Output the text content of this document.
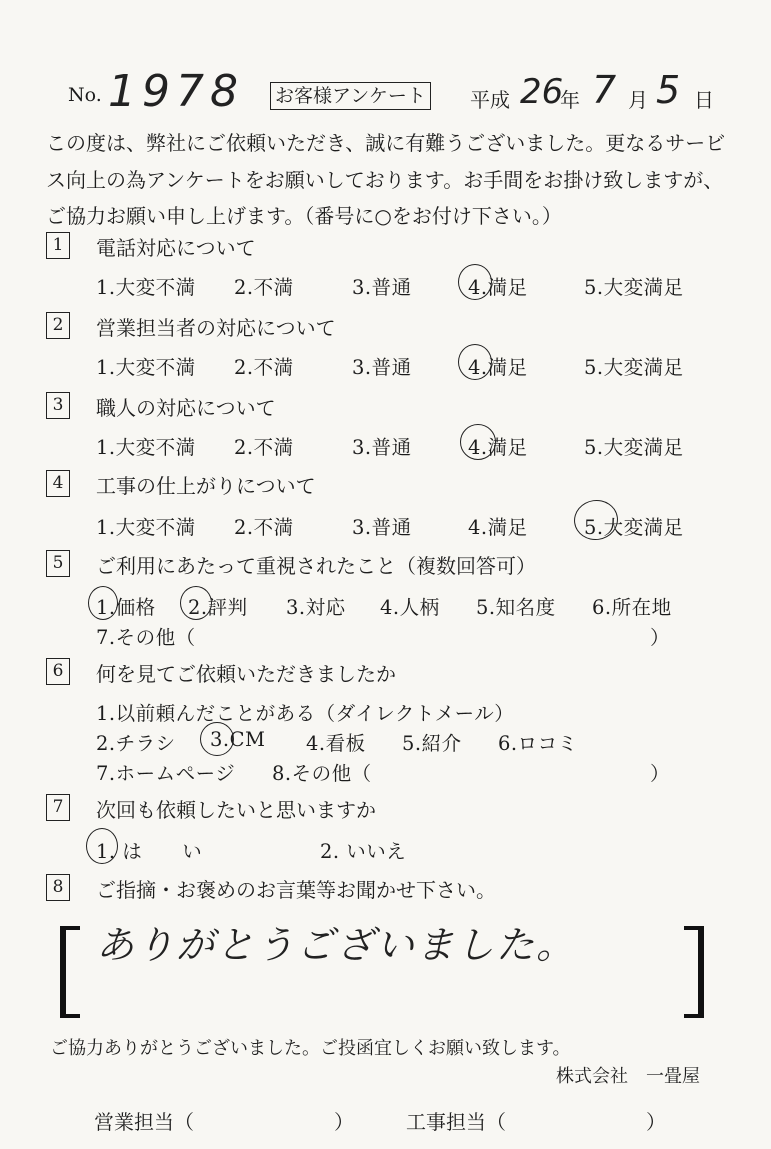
No. 1978 お客様アンケート 平成 26
年 7 月 5 日
この度は、弊社にご依頼いただき、誠に有難うございました。更なるサービ
ス向上の為アンケートをお願いしております。お手間をお掛け致しますが、
ご協力お願い申し上げます。（番号に○をお付け下さい。）
1	電話対応について
1.大変不満 2.不満	3.普通	4.満足	5.大変満足
2	営業担当者の対応について
1.大変不満 2.不満	3.普通	4.満足	5.大変満足
3	職人の対応について
1.大変不満 2.不満	3.普通	4.満足	5.大変満足
4	工事の仕上がりについて
1.大変不満 2.不満	3.普通	4.満足	5.大変満足
5	ご利用にあたって重視されたこと（複数回答可）
1.価格 2.評判 3.対応 4.人柄 5.知名度 6.所在地
7.その他（	）
6	何を見てご依頼いただきましたか
1.以前頼んだことがある（ダイレクトメール）
2.チラシ 3.CM 4.看板 5.紹介 6.ロコミ
7.ホームページ 8.その他（	）
7	次回も依頼したいと思いますか
1. は　　い	2. いいえ
8	ご指摘・お褒めのお言葉等お聞かせ下さい。
ありがとうございました。
ご協力ありがとうございました。ご投函宜しくお願い致します。
株式会社　一畳屋
営業担当（	）	工事担当（	）
